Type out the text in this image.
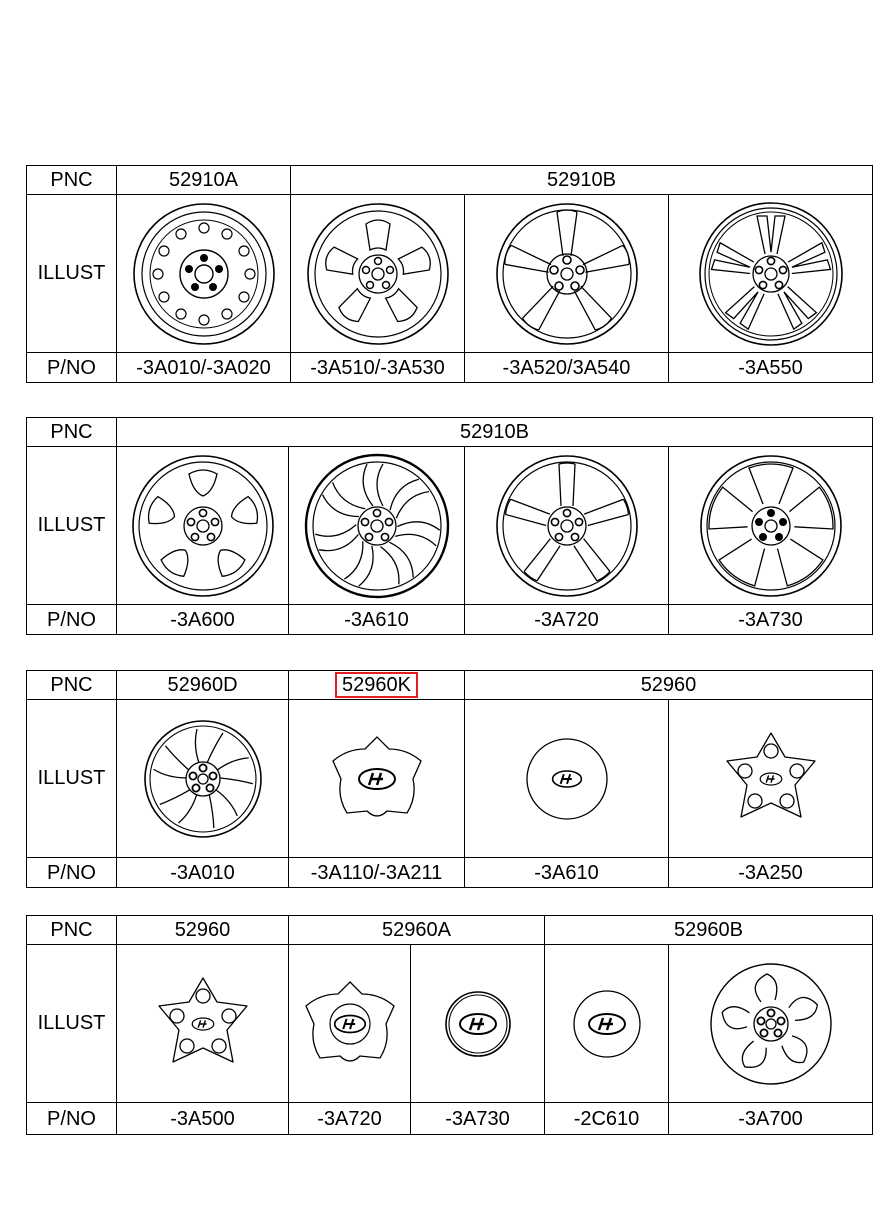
PNC	52910A	52910B
ILLUST
P/NO	-3A010/-3A020	-3A510/-3A530	-3A520/3A540	-3A550
PNC	52910B
ILLUST
P/NO	-3A600	-3A610	-3A720	-3A730
PNC	52960D	52960K	52960
ILLUST
P/NO	-3A010	-3A110/-3A211	-3A610	-3A250
PNC	52960	52960A	52960B
ILLUST
P/NO	-3A500	-3A720	-3A730	-2C610	-3A700
